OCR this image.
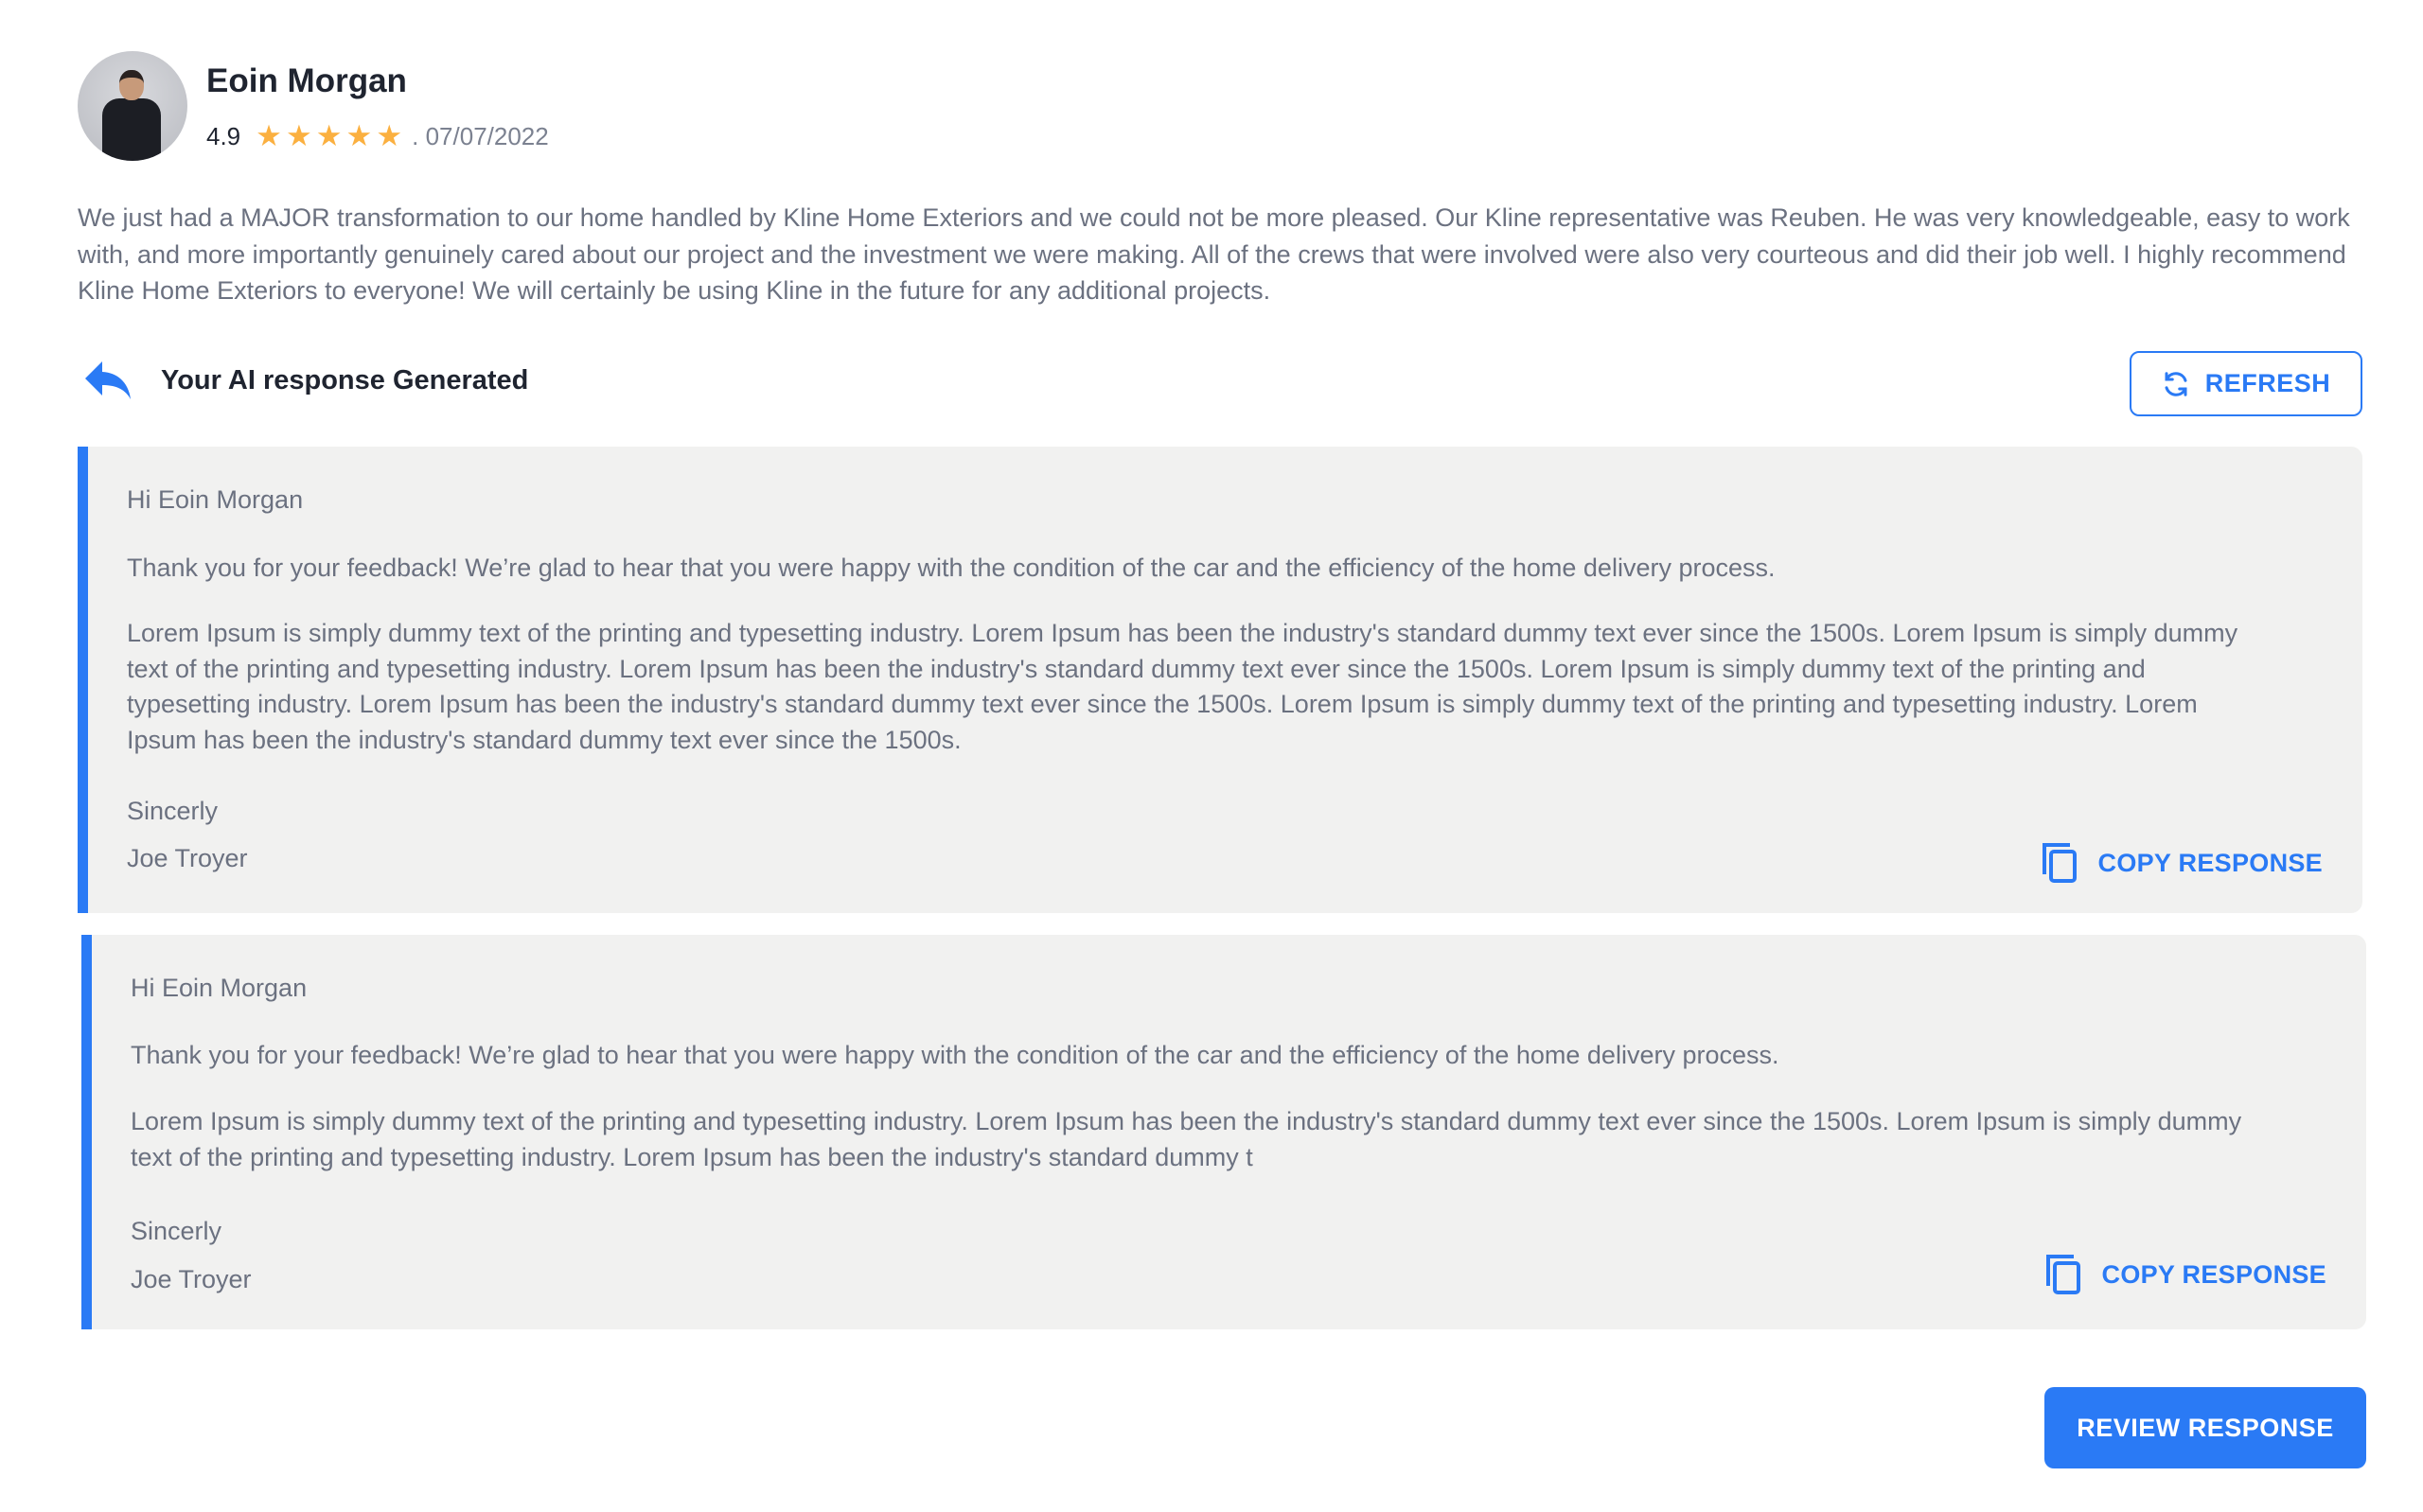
Eoin Morgan
4.9 ★ ★ ★ ★ ★ . 07/07/2022
We just had a MAJOR transformation to our home handled by Kline Home Exteriors and we could not be more pleased. Our Kline representative was Reuben. He was very knowledgeable, easy to work with, and more importantly genuinely cared about our project and the investment we were making. All of the crews that were involved were also very courteous and did their job well. I highly recommend Kline Home Exteriors to everyone! We will certainly be using Kline in the future for any additional projects.
Your AI response Generated	REFRESH

Hi Eoin Morgan

Thank you for your feedback! We’re glad to hear that you were happy with the condition of the car and the efficiency of the home delivery process.

Lorem Ipsum is simply dummy text of the printing and typesetting industry. Lorem Ipsum has been the industry's standard dummy text ever since the 1500s. Lorem Ipsum is simply dummy text of the printing and typesetting industry. Lorem Ipsum has been the industry's standard dummy text ever since the 1500s. Lorem Ipsum is simply dummy text of the printing and typesetting industry. Lorem Ipsum has been the industry's standard dummy text ever since the 1500s. Lorem Ipsum is simply dummy text of the printing and typesetting industry. Lorem Ipsum has been the industry's standard dummy text ever since the 1500s.

Sincerly

Joe Troyer	COPY RESPONSE

Hi Eoin Morgan

Thank you for your feedback! We’re glad to hear that you were happy with the condition of the car and the efficiency of the home delivery process.

Lorem Ipsum is simply dummy text of the printing and typesetting industry. Lorem Ipsum has been the industry's standard dummy text ever since the 1500s. Lorem Ipsum is simply dummy text of the printing and typesetting industry. Lorem Ipsum has been the industry's standard dummy t

Sincerly

Joe Troyer	COPY RESPONSE
REVIEW RESPONSE
